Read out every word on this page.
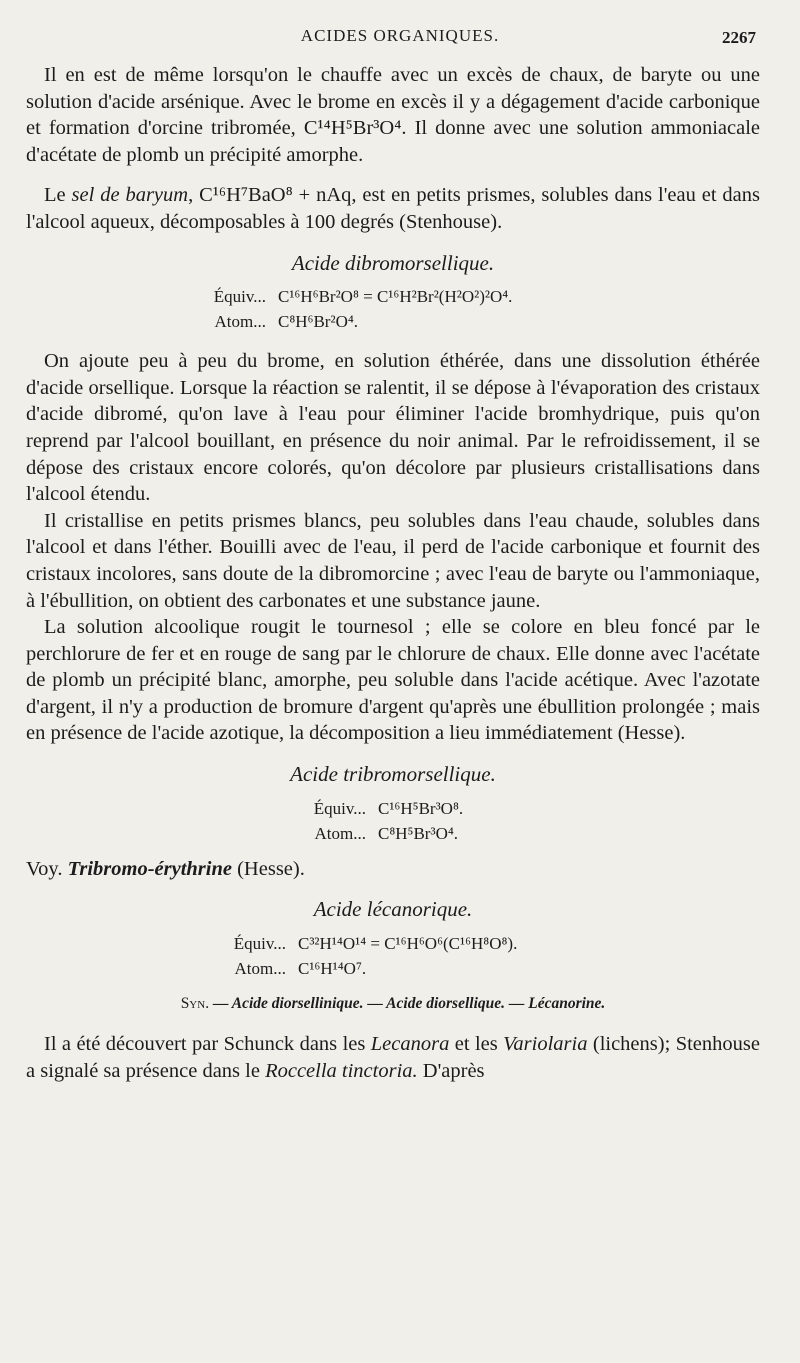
ACIDES ORGANIQUES.	2267

Il en est de même lorsqu'on le chauffe avec un excès de chaux, de baryte ou une solution d'acide arsénique. Avec le brome en excès il y a dégagement d'acide carbonique et formation d'orcine tribromée, C¹⁴H⁵Br³O⁴. Il donne avec une solution ammoniacale d'acétate de plomb un précipité amorphe.

Le sel de baryum, C¹⁶H⁷BaO⁸ + nAq, est en petits prismes, solubles dans l'eau et dans l'alcool aqueux, décomposables à 100 degrés (Stenhouse).

Acide dibromorsellique.
Équiv... C¹⁶H⁶Br²O⁸ = C¹⁶H²Br²(H²O²)²O⁴.
Atom... C⁸H⁶Br²O⁴.

On ajoute peu à peu du brome, en solution éthérée, dans une dissolution éthérée d'acide orsellique. Lorsque la réaction se ralentit, il se dépose à l'évaporation des cristaux d'acide dibromé, qu'on lave à l'eau pour éliminer l'acide bromhydrique, puis qu'on reprend par l'alcool bouillant, en présence du noir animal. Par le refroidissement, il se dépose des cristaux encore colorés, qu'on décolore par plusieurs cristallisations dans l'alcool étendu.

Il cristallise en petits prismes blancs, peu solubles dans l'eau chaude, solubles dans l'alcool et dans l'éther. Bouilli avec de l'eau, il perd de l'acide carbonique et fournit des cristaux incolores, sans doute de la dibromorcine ; avec l'eau de baryte ou l'ammoniaque, à l'ébullition, on obtient des carbonates et une substance jaune.

La solution alcoolique rougit le tournesol ; elle se colore en bleu foncé par le perchlorure de fer et en rouge de sang par le chlorure de chaux. Elle donne avec l'acétate de plomb un précipité blanc, amorphe, peu soluble dans l'acide acétique. Avec l'azotate d'argent, il n'y a production de bromure d'argent qu'après une ébullition prolongée ; mais en présence de l'acide azotique, la décomposition a lieu immédiatement (Hesse).

Acide tribromorsellique.
Équiv... C¹⁶H⁵Br³O⁸.
Atom... C⁸H⁵Br³O⁴.

Voy. Tribromo-érythrine (Hesse).

Acide lécanorique.
Équiv... C³²H¹⁴O¹⁴ = C¹⁶H⁶O⁶(C¹⁶H⁸O⁸).
Atom... C¹⁶H¹⁴O⁷.
Syn. — Acide diorsellinique. — Acide diorsellique. — Lécanorine.

Il a été découvert par Schunck dans les Lecanora et les Variolaria (lichens); Stenhouse a signalé sa présence dans le Roccella tinctoria. D'après
